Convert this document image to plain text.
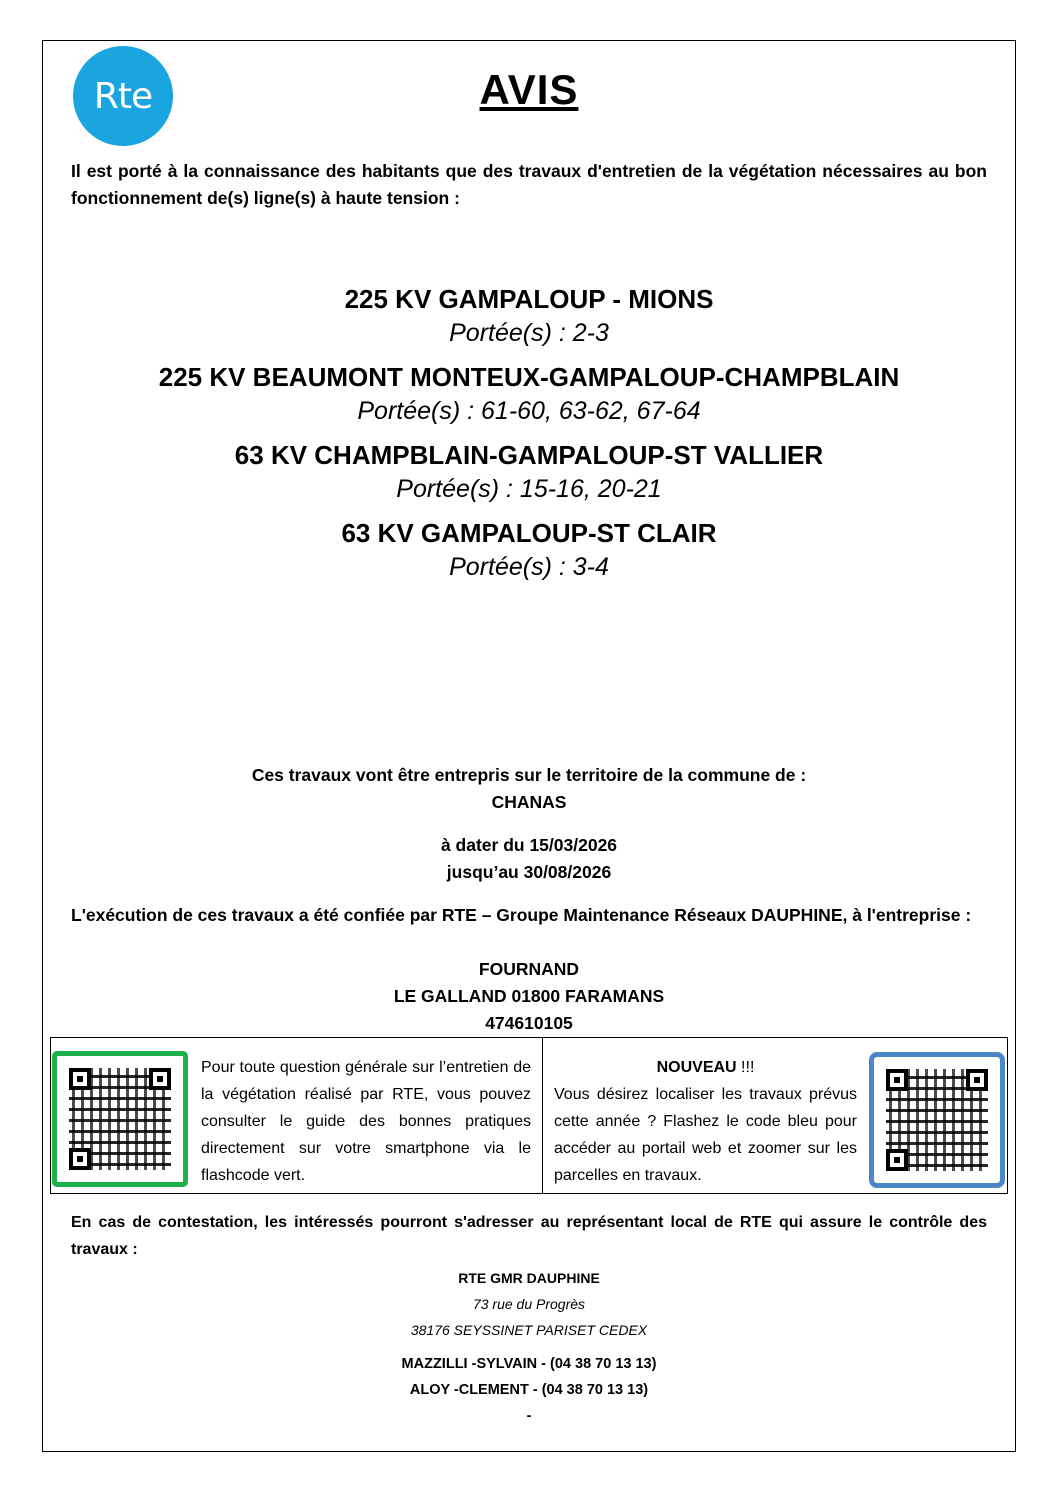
Rte	AVIS

Il est porté à la connaissance des habitants que des travaux d'entretien de la végétation nécessaires au bon fonctionnement de(s) ligne(s) à haute tension :

225 KV GAMPALOUP - MIONS
Portée(s) : 2-3
225 KV BEAUMONT MONTEUX-GAMPALOUP-CHAMPBLAIN
Portée(s) : 61-60, 63-62, 67-64
63 KV CHAMPBLAIN-GAMPALOUP-ST VALLIER
Portée(s) : 15-16, 20-21
63 KV GAMPALOUP-ST CLAIR
Portée(s) : 3-4
Ces travaux vont être entrepris sur le territoire de la commune de :
CHANAS
à dater du 15/03/2026
jusqu’au 30/08/2026

L'exécution de ces travaux a été confiée par RTE – Groupe Maintenance Réseaux DAUPHINE, à l'entreprise :

FOURNAND
LE GALLAND 01800 FARAMANS
474610105

Pour toute question générale sur l’entretien de la végétation réalisé par RTE, vous pouvez consulter le guide des bonnes pratiques directement sur votre smartphone via le flashcode vert.

NOUVEAU !!!

Vous désirez localiser les travaux prévus cette année ? Flashez le code bleu pour accéder au portail web et zoomer sur les parcelles en travaux.

En cas de contestation, les intéressés pourront s'adresser au représentant local de RTE qui assure le contrôle des travaux :

RTE GMR DAUPHINE
73 rue du Progrès
38176 SEYSSINET PARISET CEDEX
MAZZILLI -SYLVAIN - (04 38 70 13 13)
ALOY -CLEMENT - (04 38 70 13 13)
-
